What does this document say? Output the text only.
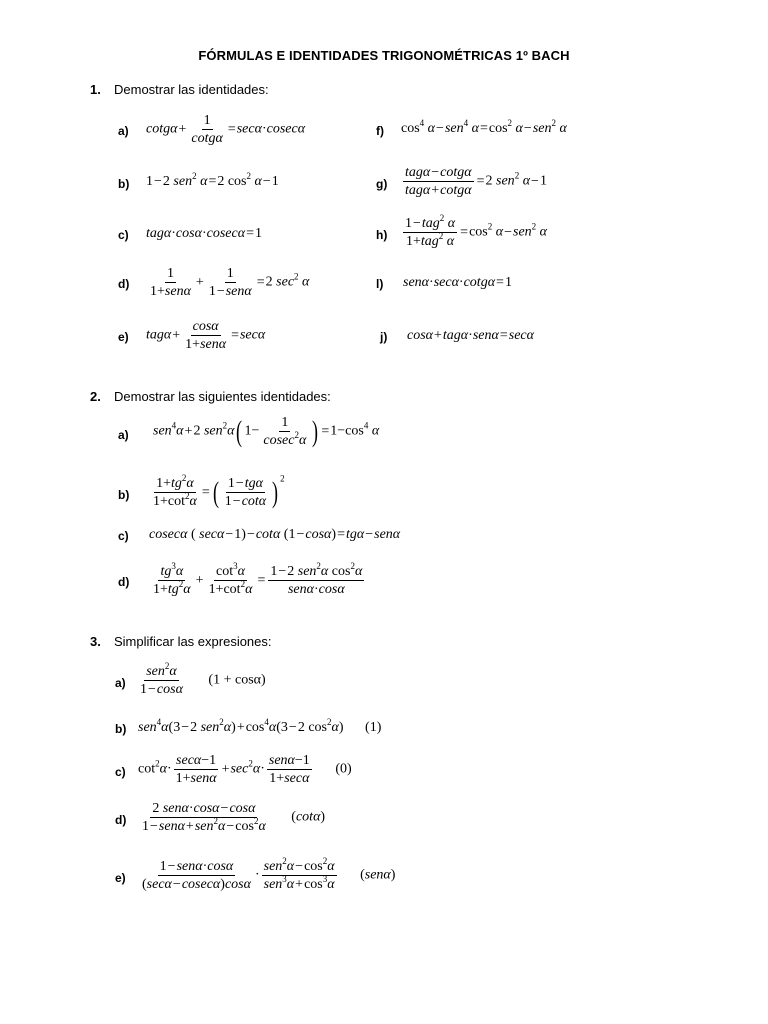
FÓRMULAS E IDENTIDADES TRIGONOMÉTRICAS 1º BACH
1. Demostrar las identidades:
2. Demostrar las siguientes identidades:
3. Simplificar las expresiones:
a)
b)
c)
d)
e)
f)
g)
h)
l)
j)
$\cot g\alpha+ \frac{1}{\cot g\alpha} =\sec\alpha\cdot cosec\alpha$
1−2 sen$^2$ α=2 $\cos^2 \alpha-1$
tagα·cosα·cosecα=1
$\frac{1}{\text{1+senα}} + \frac{1}{\text{1−senα}} =2$ $\sec^2 \alpha$
$tag\alpha+ \frac{\cos\alpha}{\text{1+senα}} =\sec\alpha$
$\cos^4 \alpha-sen^4$ $\alpha=\cos^2$ α−sen$^2$ α
$\frac{\text{tagα−cotgα}}{\text{tagα+cotgα}} =2$ sen$^2$ α−1
$\frac{1-tag^2 \alpha}{1+tag^2 \alpha} =\cos^2$ α−sen$^2$ α
senα·secα·cotgα=1
cosα+tagα·senα=secα
a)
b)
c)
d)
sen$^4$α+2 sen$^2$α( $1- \frac{1}{cosec^2\alpha}$ ) $=1-\cos^4$ α
$\frac{1+tg^2\alpha}{1+\cot^2\alpha}$ = ( $\frac{\text{1−tgα}}{1-\cot\alpha}$ ) $^2$
cosecα ( secα−1)−cotα (1−cosα)=tgα−senα
$\frac{tg^3\alpha}{1+tg^2\alpha} + \frac{\cot^3\alpha}{1+\cot^2\alpha} = \frac{1-2 sen^2\alpha \cos^2\alpha}{\text{senα·cosα}}$
a)
b)
c)
d)
e)
$\frac{sen^2\alpha}{1-\cos\alpha} (1 + \cos\alpha)$
sen$^4$α(3−2 $sen^2\alpha)+\cos^4\alpha(3-2$ $\cos^2\alpha$) (1)
$\cot^2\alpha\cdot \frac{\sec\alpha-1}{\text{1+senα}} +\sec^2\alpha\cdot \frac{\text{senα−1}}{1+\sec\alpha} (0)$
$\frac{\text{2 senα·cosα−cosα}}{1-sen\alpha+sen^2\alpha-\cos^2\alpha} (\cot\alpha)$
$\frac{\text{1−senα·cosα}}{(\sec\alpha-cosec\alpha)\cos\alpha} \cdot \frac{sen^2\alpha-\cos^2\alpha}{sen^3\alpha+\cos^3\alpha} (sen\alpha)$
